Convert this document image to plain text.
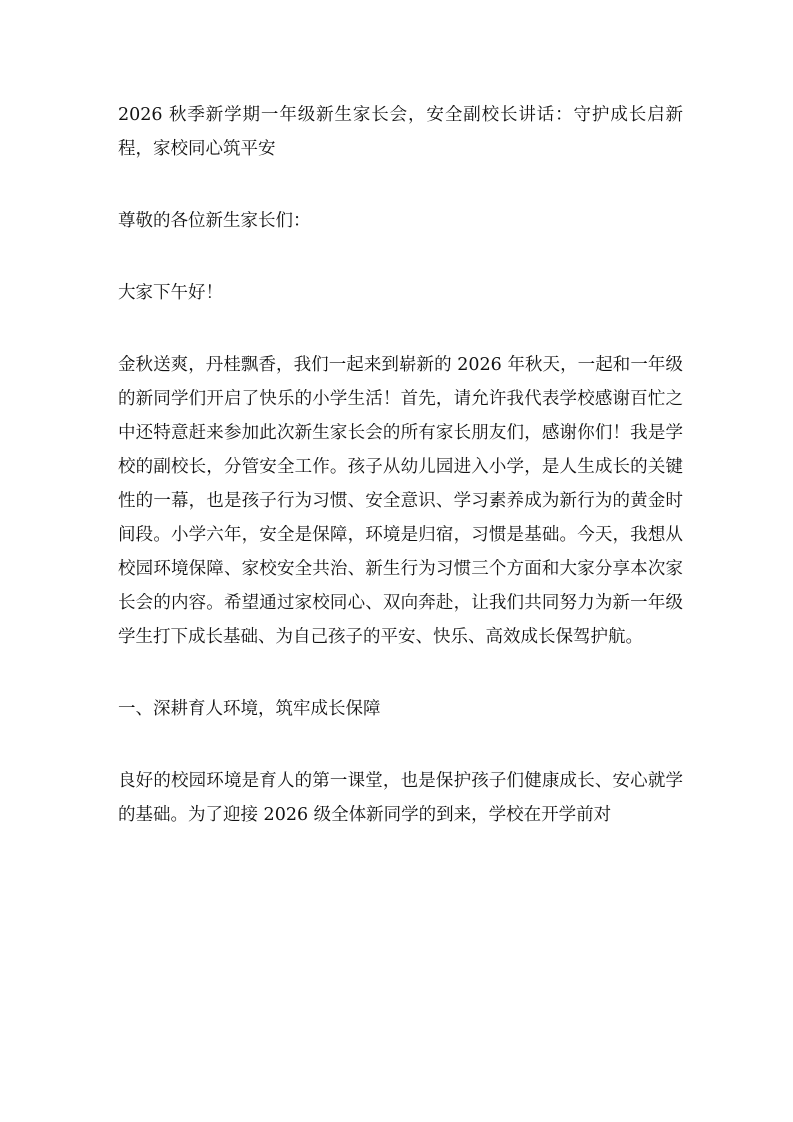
2026 秋季新学期一年级新生家长会，安全副校长讲话：守护成长启新程，家校同心筑平安

尊敬的各位新生家长们：

大家下午好！

金秋送爽，丹桂飘香，我们一起来到崭新的 2026 年秋天，一起和一年级的新同学们开启了快乐的小学生活！首先，请允许我代表学校感谢百忙之中还特意赶来参加此次新生家长会的所有家长朋友们，感谢你们！我是学校的副校长，分管安全工作。孩子从幼儿园进入小学，是人生成长的关键性的一幕，也是孩子行为习惯、安全意识、学习素养成为新行为的黄金时间段。小学六年，安全是保障，环境是归宿，习惯是基础。今天，我想从校园环境保障、家校安全共治、新生行为习惯三个方面和大家分享本次家长会的内容。希望通过家校同心、双向奔赴，让我们共同努力为新一年级学生打下成长基础、为自己孩子的平安、快乐、高效成长保驾护航。

一、深耕育人环境，筑牢成长保障

良好的校园环境是育人的第一课堂，也是保护孩子们健康成长、安心就学的基础。为了迎接 2026 级全体新同学的到来，学校在开学前对
